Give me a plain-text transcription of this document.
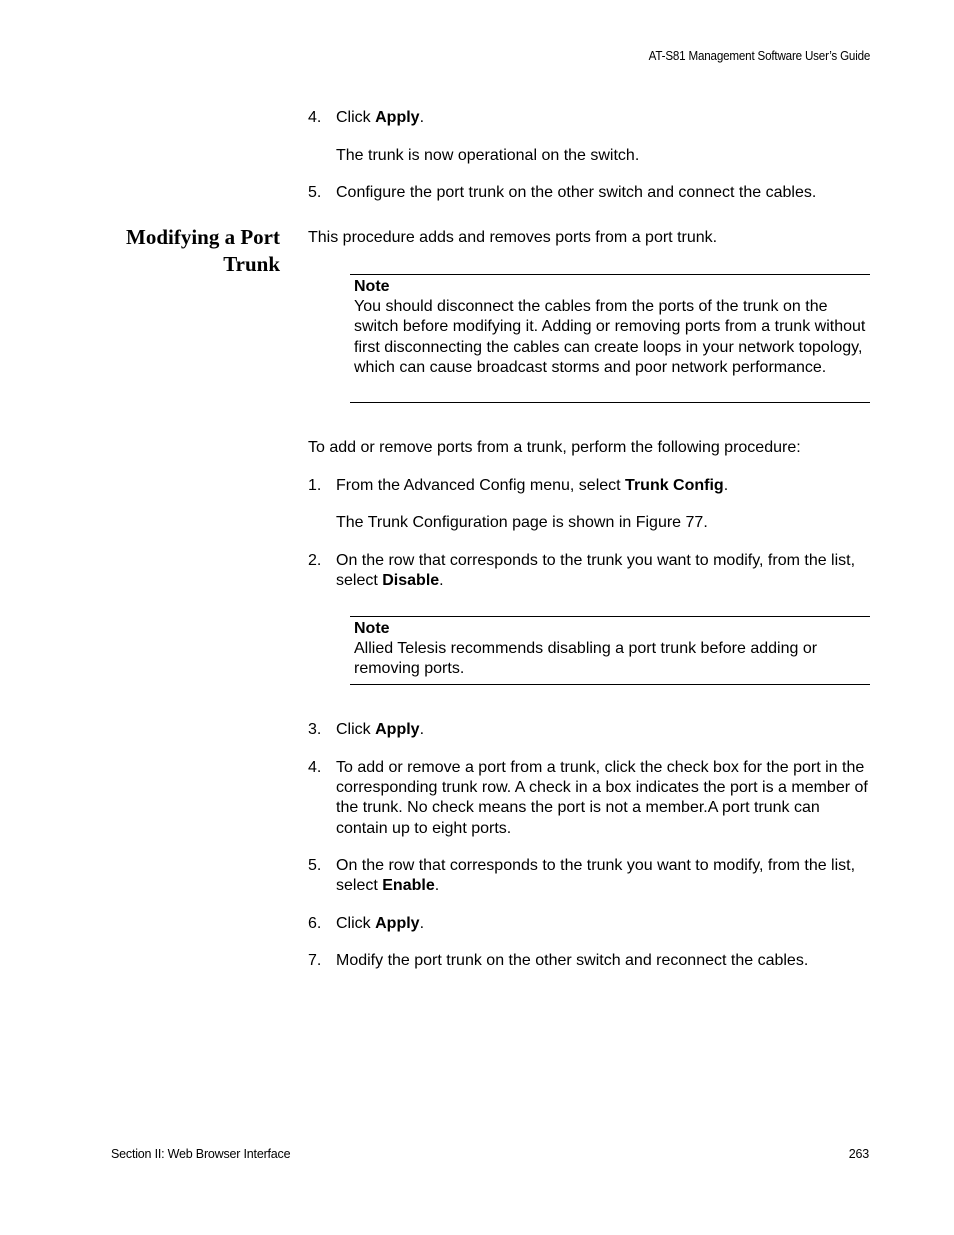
AT-S81 Management Software User’s Guide
4. Click Apply.
The trunk is now operational on the switch.
5. Configure the port trunk on the other switch and connect the cables.
Modifying a Port
Trunk
This procedure adds and removes ports from a port trunk.
Note
You should disconnect the cables from the ports of the trunk on the switch before modifying it. Adding or removing ports from a trunk without first disconnecting the cables can create loops in your network topology, which can cause broadcast storms and poor network performance.
To add or remove ports from a trunk, perform the following procedure:
1. From the Advanced Config menu, select Trunk Config.
The Trunk Configuration page is shown in Figure 77.
2. On the row that corresponds to the trunk you want to modify, from the list, select Disable.
Note
Allied Telesis recommends disabling a port trunk before adding or removing ports.
3. Click Apply.
4. To add or remove a port from a trunk, click the check box for the port in the corresponding trunk row. A check in a box indicates the port is a member of the trunk. No check means the port is not a member.A port trunk can contain up to eight ports.
5. On the row that corresponds to the trunk you want to modify, from the list, select Enable.
6. Click Apply.
7. Modify the port trunk on the other switch and reconnect the cables.
Section II: Web Browser Interface	263
